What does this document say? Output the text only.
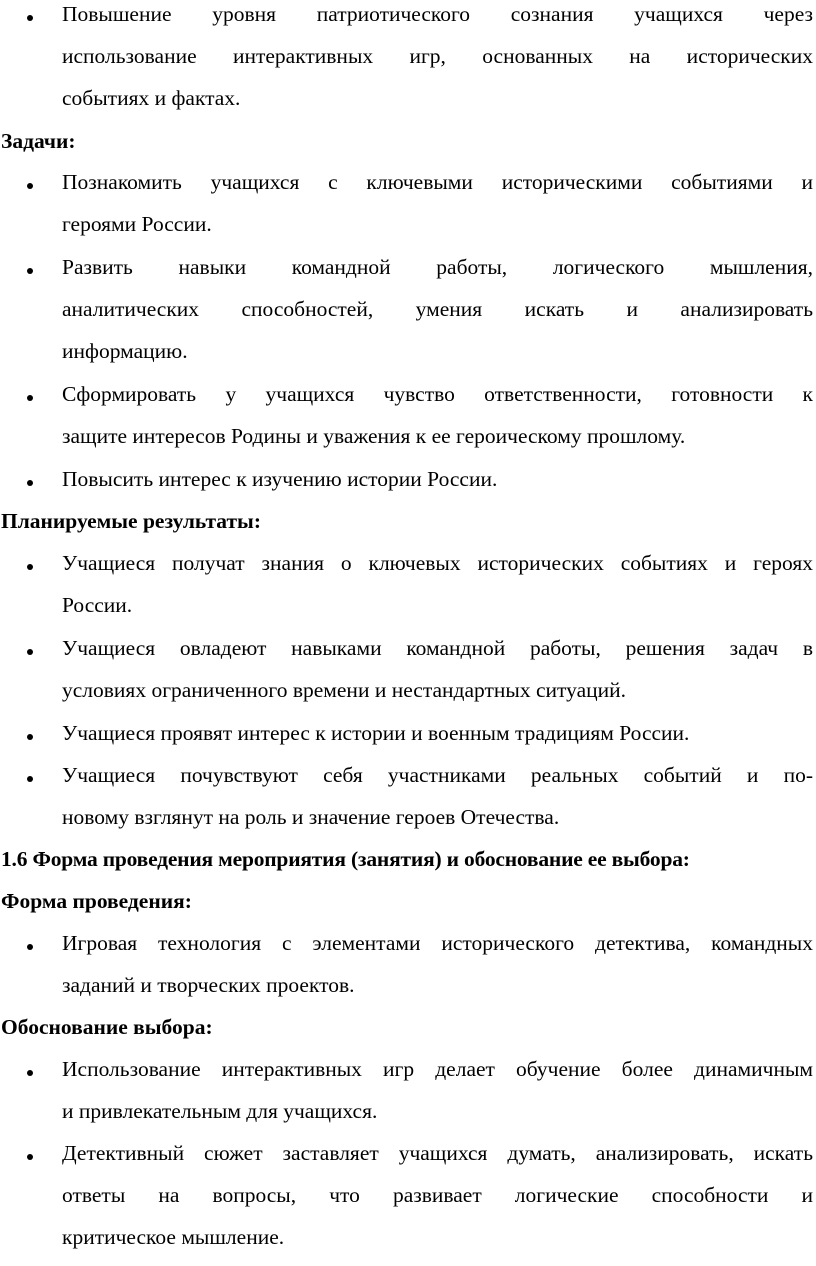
Повышение уровня патриотического сознания учащихся через
использование интерактивных игр, основанных на исторических
событиях и фактах.
Задачи:
Познакомить учащихся с ключевыми историческими событиями и
героями России.
Развить навыки командной работы, логического мышления,
аналитических способностей, умения искать и анализировать
информацию.
Сформировать у учащихся чувство ответственности, готовности к
защите интересов Родины и уважения к ее героическому прошлому.
Повысить интерес к изучению истории России.
Планируемые результаты:
Учащиеся получат знания о ключевых исторических событиях и героях
России.
Учащиеся овладеют навыками командной работы, решения задач в
условиях ограниченного времени и нестандартных ситуаций.
Учащиеся проявят интерес к истории и военным традициям России.
Учащиеся почувствуют себя участниками реальных событий и по-
новому взглянут на роль и значение героев Отечества.
1.6 Форма проведения мероприятия (занятия) и обоснование ее выбора:
Форма проведения:
Игровая технология с элементами исторического детектива, командных
заданий и творческих проектов.
Обоснование выбора:
Использование интерактивных игр делает обучение более динамичным
и привлекательным для учащихся.
Детективный сюжет заставляет учащихся думать, анализировать, искать
ответы на вопросы, что развивает логические способности и
критическое мышление.
